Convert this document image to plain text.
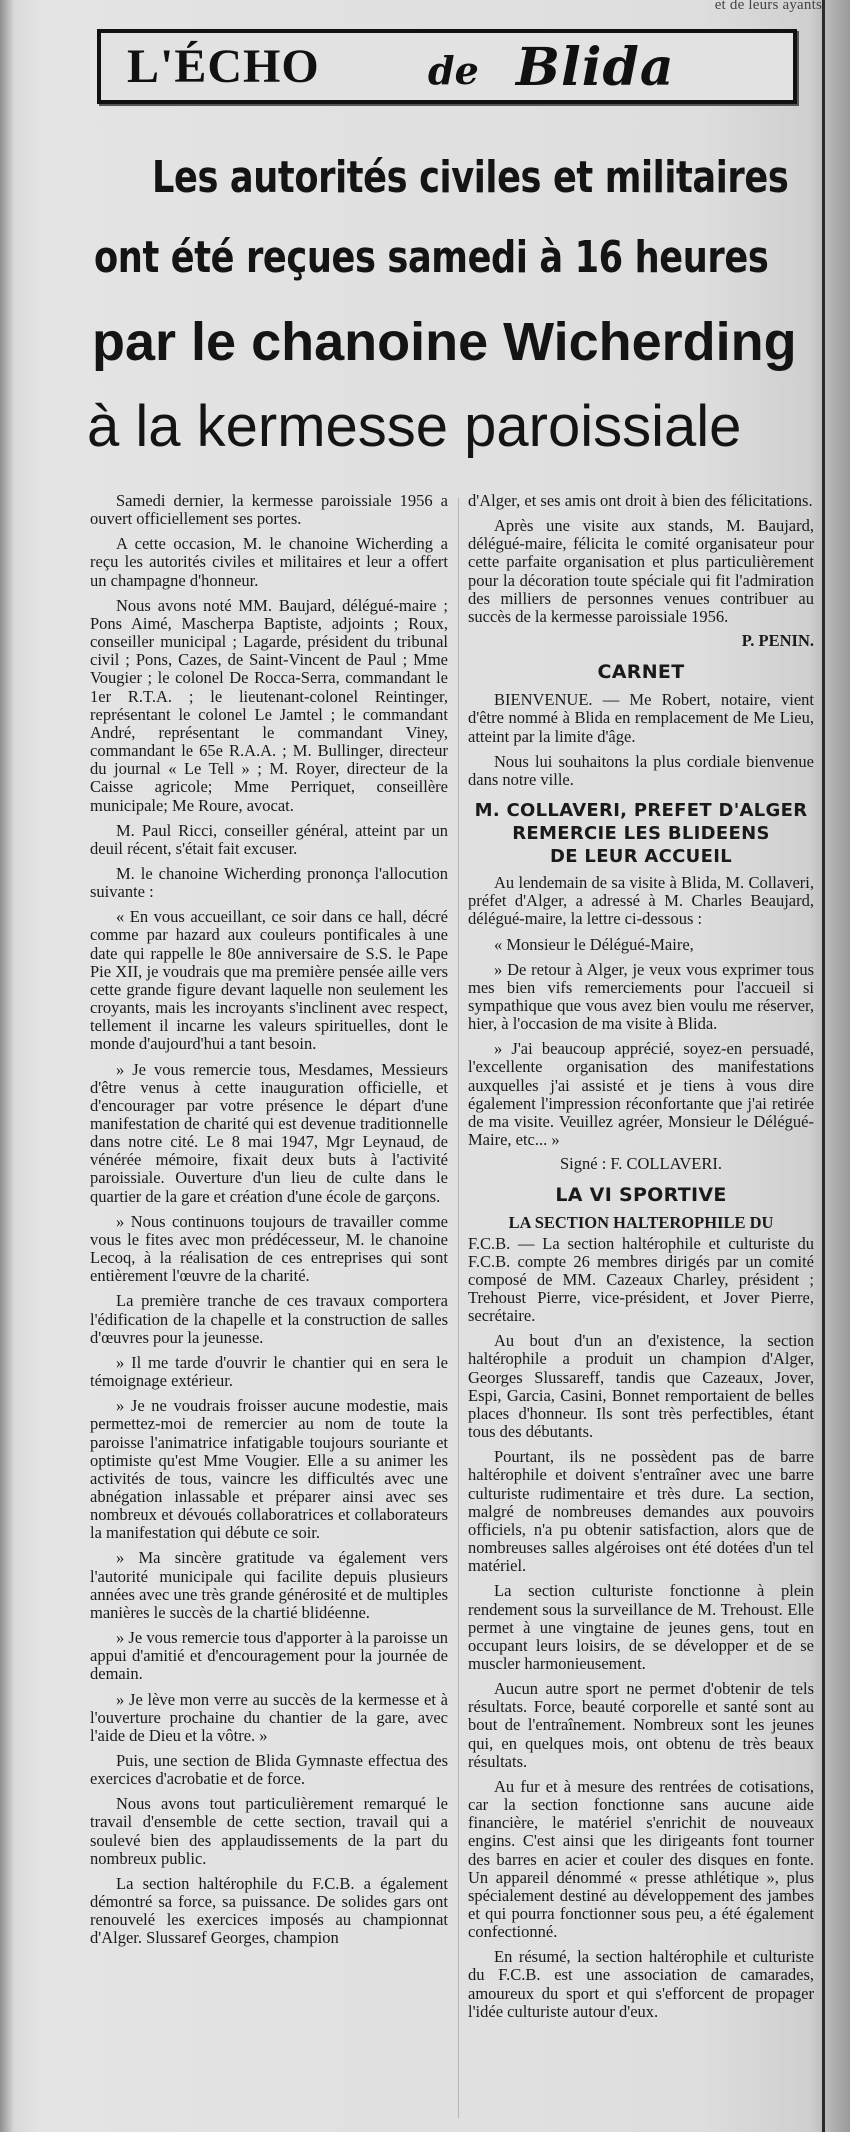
et de leurs ayants
L'ÉCHO	de Blida
Les autorités civiles et militaires
ont été reçues samedi à 16 heures
par le chanoine Wicherding
à la kermesse paroissiale

Samedi dernier, la kermesse paroissiale 1956 a ouvert officiellement ses portes.

A cette occasion, M. le chanoine Wicherding a reçu les autorités civiles et militaires et leur a offert un champagne d'honneur.

Nous avons noté MM. Baujard, délégué-maire ; Pons Aimé, Mascherpa Baptiste, adjoints ; Roux, conseiller municipal ; Lagarde, président du tribunal civil ; Pons, Cazes, de Saint-Vincent de Paul ; Mme Vougier ; le colonel De Rocca-Serra, commandant le 1er R.T.A. ; le lieutenant-colonel Reintinger, représentant le colonel Le Jamtel ; le commandant André, représentant le commandant Viney, commandant le 65e R.A.A. ; M. Bullinger, directeur du journal « Le Tell » ; M. Royer, directeur de la Caisse agricole; Mme Perriquet, conseillère municipale; Me Roure, avocat.

M. Paul Ricci, conseiller général, atteint par un deuil récent, s'était fait excuser.

M. le chanoine Wicherding prononça l'allocution suivante :

« En vous accueillant, ce soir dans ce hall, décré comme par hazard aux couleurs pontificales à une date qui rappelle le 80e anniversaire de S.S. le Pape Pie XII, je voudrais que ma première pensée aille vers cette grande figure devant laquelle non seulement les croyants, mais les incroyants s'inclinent avec respect, tellement il incarne les valeurs spirituelles, dont le monde d'aujourd'hui a tant besoin.

» Je vous remercie tous, Mesdames, Messieurs d'être venus à cette inauguration officielle, et d'encourager par votre présence le départ d'une manifestation de charité qui est devenue traditionnelle dans notre cité. Le 8 mai 1947, Mgr Leynaud, de vénérée mémoire, fixait deux buts à l'activité paroissiale. Ouverture d'un lieu de culte dans le quartier de la gare et création d'une école de garçons.

» Nous continuons toujours de travailler comme vous le fites avec mon prédécesseur, M. le chanoine Lecoq, à la réalisation de ces entreprises qui sont entièrement l'œuvre de la charité.

La première tranche de ces travaux comportera l'édification de la chapelle et la construction de salles d'œuvres pour la jeunesse.

» Il me tarde d'ouvrir le chantier qui en sera le témoignage extérieur.

» Je ne voudrais froisser aucune modestie, mais permettez-moi de remercier au nom de toute la paroisse l'animatrice infatigable toujours souriante et optimiste qu'est Mme Vougier. Elle a su animer les activités de tous, vaincre les difficultés avec une abnégation inlassable et préparer ainsi avec ses nombreux et dévoués collaboratrices et collaborateurs la manifestation qui débute ce soir.

» Ma sincère gratitude va également vers l'autorité municipale qui facilite depuis plusieurs années avec une très grande générosité et de multiples manières le succès de la chartié blidéenne.

» Je vous remercie tous d'apporter à la paroisse un appui d'amitié et d'encouragement pour la journée de demain.

» Je lève mon verre au succès de la kermesse et à l'ouverture prochaine du chantier de la gare, avec l'aide de Dieu et la vôtre. »

Puis, une section de Blida Gymnaste effectua des exercices d'acrobatie et de force.

Nous avons tout particulièrement remarqué le travail d'ensemble de cette section, travail qui a soulevé bien des applaudissements de la part du nombreux public.

La section haltérophile du F.C.B. a également démontré sa force, sa puissance. De solides gars ont renouvelé les exercices imposés au championnat d'Alger. Slussaref Georges, champion

d'Alger, et ses amis ont droit à bien des félicitations.

Après une visite aux stands, M. Baujard, délégué-maire, félicita le comité organisateur pour cette parfaite organisation et plus particulièrement pour la décoration toute spéciale qui fit l'admiration des milliers de personnes venues contribuer au succès de la kermesse paroissiale 1956.

P. PENIN.

CARNET

BIENVENUE. — Me Robert, notaire, vient d'être nommé à Blida en remplacement de Me Lieu, atteint par la limite d'âge.

Nous lui souhaitons la plus cordiale bienvenue dans notre ville.

M. COLLAVERI, PREFET D'ALGER
REMERCIE LES BLIDEENS
DE LEUR ACCUEIL

Au lendemain de sa visite à Blida, M. Collaveri, préfet d'Alger, a adressé à M. Charles Beaujard, délégué-maire, la lettre ci-dessous :

« Monsieur le Délégué-Maire,

» De retour à Alger, je veux vous exprimer tous mes bien vifs remerciements pour l'accueil si sympathique que vous avez bien voulu me réserver, hier, à l'occasion de ma visite à Blida.

» J'ai beaucoup apprécié, soyez-en persuadé, l'excellente organisation des manifestations auxquelles j'ai assisté et je tiens à vous dire également l'impression réconfortante que j'ai retirée de ma visite. Veuillez agréer, Monsieur le Délégué-Maire, etc... »

Signé : F. COLLAVERI.

LA VI SPORTIVE
LA SECTION HALTEROPHILE DU

F.C.B. — La section haltérophile et culturiste du F.C.B. compte 26 membres dirigés par un comité composé de MM. Cazeaux Charley, président ; Trehoust Pierre, vice-président, et Jover Pierre, secrétaire.

Au bout d'un an d'existence, la section haltérophile a produit un champion d'Alger, Georges Slussareff, tandis que Cazeaux, Jover, Espi, Garcia, Casini, Bonnet remportaient de belles places d'honneur. Ils sont très perfectibles, étant tous des débutants.

Pourtant, ils ne possèdent pas de barre haltérophile et doivent s'entraîner avec une barre culturiste rudimentaire et très dure. La section, malgré de nombreuses demandes aux pouvoirs officiels, n'a pu obtenir satisfaction, alors que de nombreuses salles algéroises ont été dotées d'un tel matériel.

La section culturiste fonctionne à plein rendement sous la surveillance de M. Trehoust. Elle permet à une vingtaine de jeunes gens, tout en occupant leurs loisirs, de se développer et de se muscler harmonieusement.

Aucun autre sport ne permet d'obtenir de tels résultats. Force, beauté corporelle et santé sont au bout de l'entraînement. Nombreux sont les jeunes qui, en quelques mois, ont obtenu de très beaux résultats.

Au fur et à mesure des rentrées de cotisations, car la section fonctionne sans aucune aide financière, le matériel s'enrichit de nouveaux engins. C'est ainsi que les dirigeants font tourner des barres en acier et couler des disques en fonte. Un appareil dénommé « presse athlétique », plus spécialement destiné au développement des jambes et qui pourra fonctionner sous peu, a été également confectionné.

En résumé, la section haltérophile et culturiste du F.C.B. est une association de camarades, amoureux du sport et qui s'efforcent de propager l'idée culturiste autour d'eux.
